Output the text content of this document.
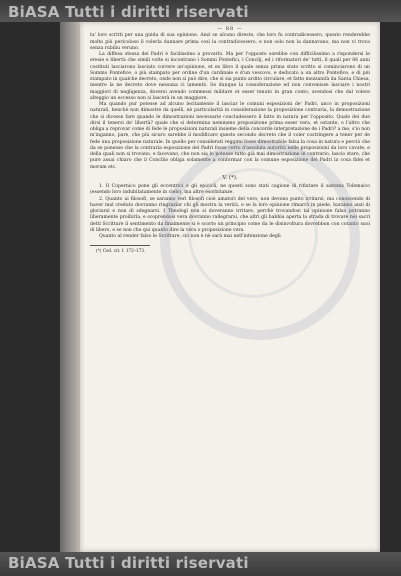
BiASA Tutti i diritti riservati
— 88 —

ta' loro scritti per una guida di sua opinione. Anzi se alcuno direste, che loro fu contradicessero, questo renderebbe molto più pericoloso il volerla dannare prima così la contradicessero, e non solo non la dannavano, ma non vi trova senza rubiliu veruno.

La diffesa stessa dei Padri è facilissimo a provarlo. Ma per l'opposto sarebbe con difficilissimo a rispondersi le eresie e libertà che simili volte si incontrano i Sommi Pontefici, i Concilj, ed i riformatori de' tutti, il quali per 86 anni costituti lasciarono lasciato correre un'opinione, et ex libro il quale senza prima stato scritto si cominciarono di un Sommo Pontefice, o più stampato per ordine d'un cardinale e d'un vescovo, e dedicato a un altro Pontefice, e di più stampato in qualche decreto, onde non si può dire, che si sia punto ardito circulare, et fatto mezzanità da Santa Chiesa, mentre la ne decreto dove nessuna ci lamentò. Se dunque la considerazione ed non convenisse lasciare i nostri maggiori di negligenza, doversi avendo commessi militare et esser tenuto in gran conto, avendosi che dal volere alteggio un eccesso non si lascerà in un maggiore.

Ma quando pur potesse ad alcuno lecitamente il lasciar le comuni esposizioni de' Padri, anco in proposizioni naturali, benchè non dimostre da quelli, nè particolarità in considerazione la proposizione contraria, la demostrazione che si dicesse fare quando le dimostrazioni necessarie concludessero il fatto in natura per l'opposito. Quale dei due dirsi il tenersi de' libertà? quale che si determina nemmeno proposizione prima esser vera, et ostante, o l'altro che obliga a reprovar come di fede le proposizioni naturali insieme della concorde interpretazione de i Padri? a me, s'io non m'inganno, pare, che più sicuro sarebbe il modificare questo secondo decreto che il voler costringere a tener per de fede una proposizione naturale. In quello per considerati reggimi fosse dimostrabile falsa la cosa in natura e perciò che da se ponesse che la contraria esposizione del Padri fosse certo d'assoluta autorità nelle proposizioni da loro cavate, e della quali non si trovano, e facevano, che non sia lo potesse tutto già mai dimostrazione in contrario, lascio stare, che pure assai chiaro che il Concilio obliga solamente a conformar con la comune esposizione dei Padri la cosa fidei et morum etc.

V. (*).

1. Il Copernico pone gli eccentrici e gli epicicli, ne questi sono stati cagione di rifiutare il sistema Tolemaico (essendo loro indubitatamente in cielo), ma altre esorbitanze.

2. Quanto ai filosofi, se saranno veri filosofi cioè amatori del vero, non devono punto irritarsi, ma conoscendo di haver mal creduto dovranno ringraziar chi gli mostra la verità, e se la loro opinione rimarrà in piede, haranno anzi di gloriarsi e non di sdegnarsi. I Theologi non si doveranno irritare, perchè trovandosi tal opinione falsa potranno liberamente proibirla, e scoprendosi vera dovranno rallegrarsi, che altri gli habbia aperta la strada di trovare nei sacri detti Scritture il sentimento da finalmente si è scorto un principio come da le disinvoltura dovrebbon con cotanto suoi di libero, e se non che qui quanto dire la vera o proposizione vera.

Quanto al render falso le Scritture, ciò non è nè sarà mai nell'intenzione degli

(*) Cod. cit. f. 172–173.
BiASA Tutti i diritti riservati
